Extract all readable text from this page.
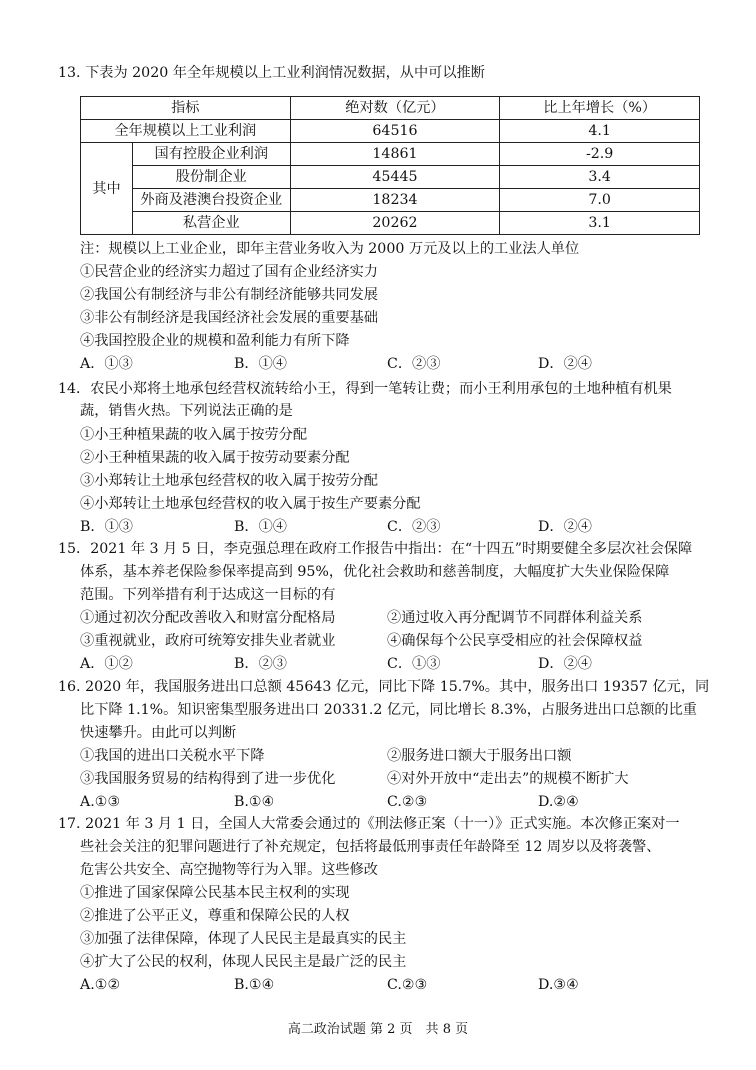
13. 下表为 2020 年全年规模以上工业利润情况数据，从中可以推断
指标		绝对数（亿元）	比上年增长（%）
全年规模以上工业利润		64516	4.1
其中	国有控股企业利润	14861	-2.9
	股份制企业	45445	3.4
	外商及港澳台投资企业	18234	7.0
	私营企业	20262	3.1
注：规模以上工业企业，即年主营业务收入为 2000 万元及以上的工业法人单位
①民营企业的经济实力超过了国有企业经济实力
②我国公有制经济与非公有制经济能够共同发展
③非公有制经济是我国经济社会发展的重要基础
④我国控股企业的规模和盈利能力有所下降
A．①③	B．①④	C．②③	D．②④
14．农民小郑将土地承包经营权流转给小王，得到一笔转让费；而小王利用承包的土地种植有机果
蔬，销售火热。下列说法正确的是
①小王种植果蔬的收入属于按劳分配
②小王种植果蔬的收入属于按劳动要素分配
③小郑转让土地承包经营权的收入属于按劳分配
④小郑转让土地承包经营权的收入属于按生产要素分配
B．①③	B．①④	C．②③	D．②④
15．2021 年 3 月 5 日，李克强总理在政府工作报告中指出：在“十四五”时期要健全多层次社会保障
体系，基本养老保险参保率提高到 95%，优化社会救助和慈善制度，大幅度扩大失业保险保障
范围。下列举措有利于达成这一目标的有
①通过初次分配改善收入和财富分配格局	②通过收入再分配调节不同群体利益关系
③重视就业，政府可统筹安排失业者就业	④确保每个公民享受相应的社会保障权益
A．①②	B．②③	C．①③	D．②④
16. 2020 年，我国服务进出口总额 45643 亿元，同比下降 15.7%。其中，服务出口 19357 亿元，同
比下降 1.1%。知识密集型服务进出口 20331.2 亿元，同比增长 8.3%，占服务进出口总额的比重
快速攀升。由此可以判断
①我国的进出口关税水平下降	②服务进口额大于服务出口额
③我国服务贸易的结构得到了进一步优化	④对外开放中“走出去”的规模不断扩大
A.①③	B.①④	C.②③	D.②④
17. 2021 年 3 月 1 日，全国人大常委会通过的《刑法修正案（十一）》正式实施。本次修正案对一
些社会关注的犯罪问题进行了补充规定，包括将最低刑事责任年龄降至 12 周岁以及将袭警、
危害公共安全、高空抛物等行为入罪。这些修改
①推进了国家保障公民基本民主权利的实现
②推进了公平正义，尊重和保障公民的人权
③加强了法律保障，体现了人民民主是最真实的民主
④扩大了公民的权利，体现人民民主是最广泛的民主
A.①②	B.①④	C.②③	D.③④
高二政治试题 第 2 页　共 8 页
